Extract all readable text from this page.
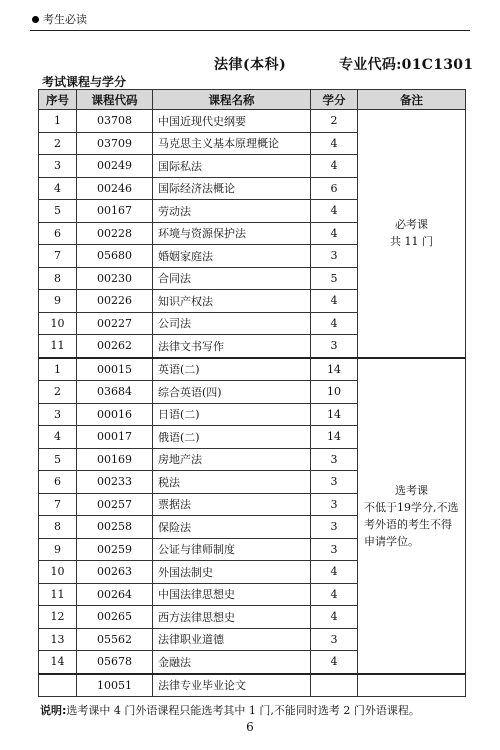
考生必读
法律(本科)	专业代码:01C1301
考试课程与学分
序号	课程代码	课程名称	学分	备注
1	03708	中国近现代史纲要	2	必考课
共 11 门

2	03709	马克思主义基本原理概论	4	
3	00249	国际私法	4	
4	00246	国际经济法概论	6	
5	00167	劳动法	4	
6	00228	环境与资源保护法	4	
7	05680	婚姻家庭法	3	
8	00230	合同法	5	
9	00226	知识产权法	4	
10	00227	公司法	4	
11	00262	法律文书写作	3	
1	00015	英语(二)	14	选考课
不低于19学分,不选考外语的考生不得申请学位。

2	03684	综合英语(四)	10	
3	00016	日语(二)	14	
4	00017	俄语(二)	14	
5	00169	房地产法	3	
6	00233	税法	3	
7	00257	票据法	3	
8	00258	保险法	3	
9	00259	公证与律师制度	3	
10	00263	外国法制史	4	
11	00264	中国法律思想史	4	
12	00265	西方法律思想史	4	
13	05562	法律职业道德	3	
14	05678	金融法	4	
	10051	法律专业毕业论文		
说明:选考课中 4 门外语课程只能选考其中 1 门,不能同时选考 2 门外语课程。
6
